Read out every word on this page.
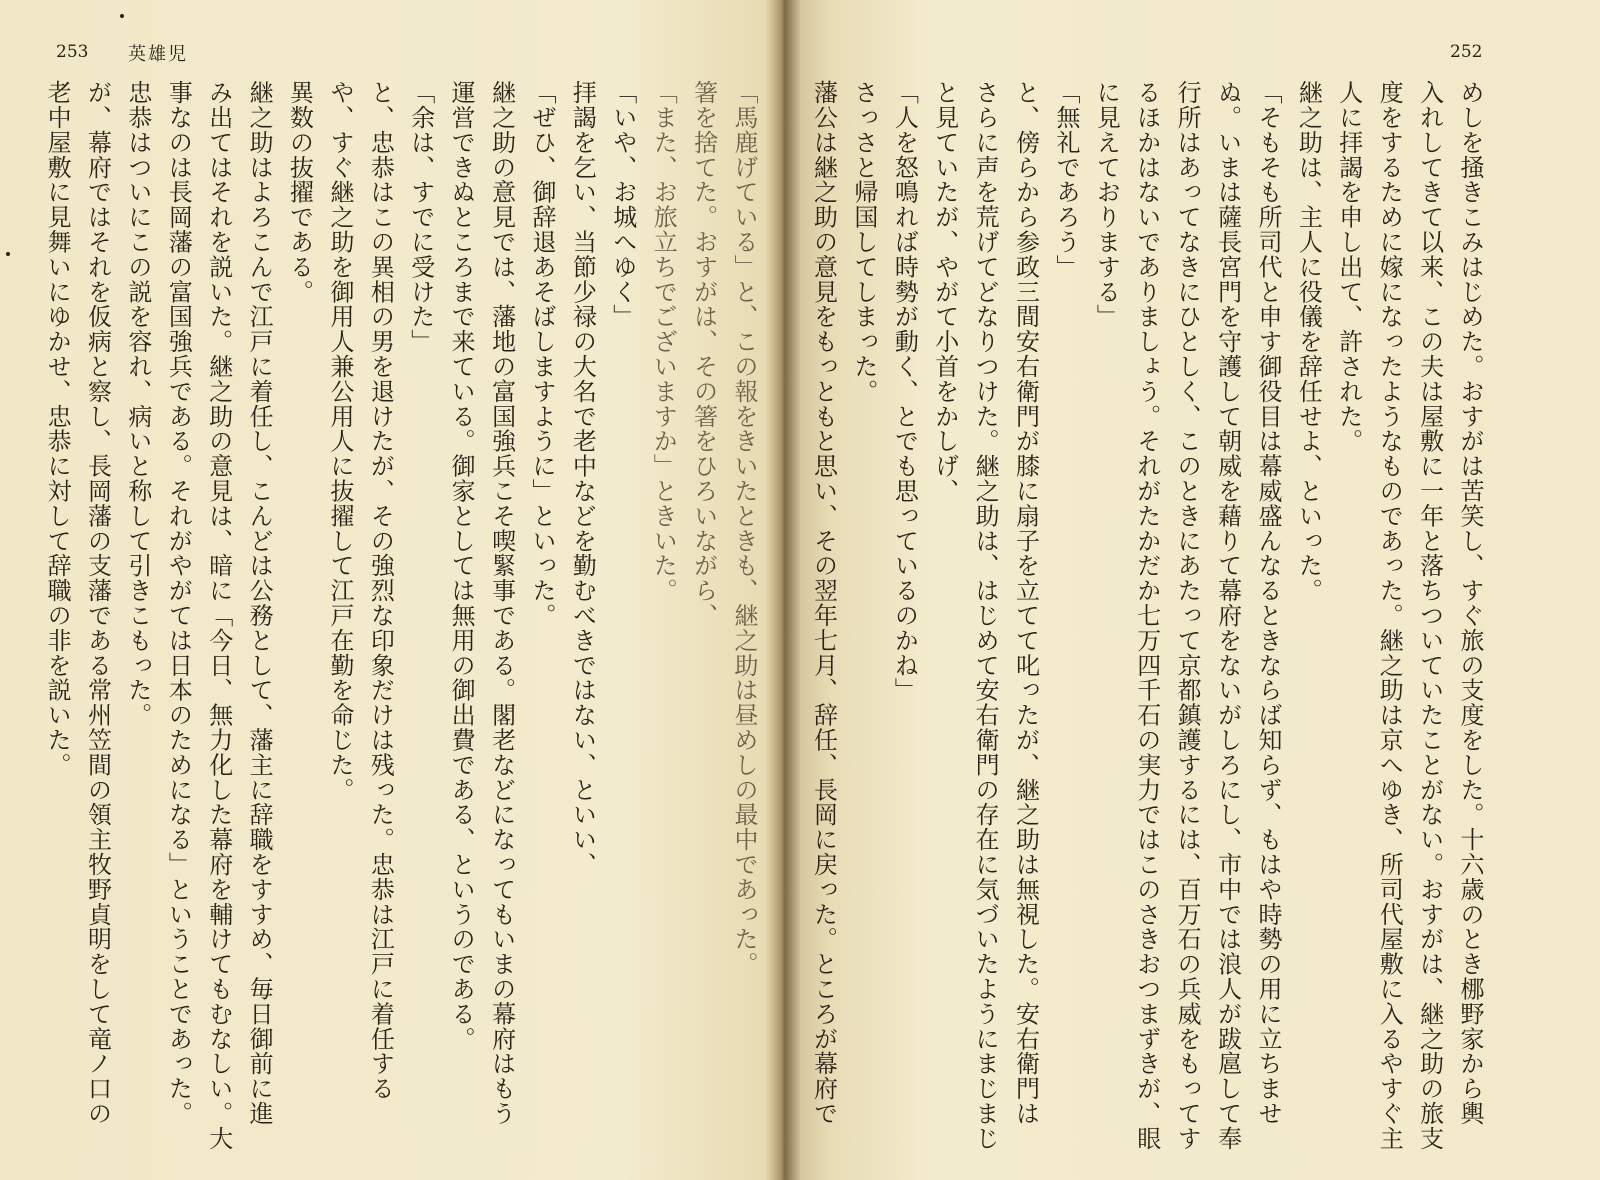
253 英雄児

「馬鹿げている」と、この報をきいたときも、継之助は昼めしの最中であった。

箸を捨てた。おすがは、その箸をひろいながら、

「また、お旅立ちでございますか」ときいた。

「いや、お城へゆく」

拝謁を乞い、当節少禄の大名で老中などを勤むべきではない、といい、

「ぜひ、御辞退あそばしますように」といった。

継之助の意見では、藩地の富国強兵こそ喫緊事である。閣老などになってもいまの幕府はもう

運営できぬところまで来ている。御家としては無用の御出費である、というのである。

「余は、すでに受けた」

と、忠恭はこの異相の男を退けたが、その強烈な印象だけは残った。忠恭は江戸に着任する

や、すぐ継之助を御用人兼公用人に抜擢して江戸在勤を命じた。

異数の抜擢である。

継之助はよろこんで江戸に着任し、こんどは公務として、藩主に辞職をすすめ、毎日御前に進

み出てはそれを説いた。継之助の意見は、暗に「今日、無力化した幕府を輔けてもむなしい。大

事なのは長岡藩の富国強兵である。それがやがては日本のためになる」ということであった。

忠恭はついにこの説を容れ、病いと称して引きこもった。

が、幕府ではそれを仮病と察し、長岡藩の支藩である常州笠間の領主牧野貞明をして竜ノ口の

老中屋敷に見舞いにゆかせ、忠恭に対して辞職の非を説いた。

252

めしを掻きこみはじめた。おすがは苦笑し、すぐ旅の支度をした。十六歳のとき梛野家から輿

入れしてきて以来、この夫は屋敷に一年と落ちついていたことがない。おすがは、継之助の旅支

度をするために嫁になったようなものであった。継之助は京へゆき、所司代屋敷に入るやすぐ主

人に拝謁を申し出て、許された。

継之助は、主人に役儀を辞任せよ、といった。

「そもそも所司代と申す御役目は幕威盛んなるときならば知らず、もはや時勢の用に立ちませ

ぬ。いまは薩長宮門を守護して朝威を藉りて幕府をないがしろにし、市中では浪人が跋扈して奉

行所はあってなきにひとしく、このときにあたって京都鎮護するには、百万石の兵威をもってす

るほかはないでありましょう。それがたかだか七万四千石の実力ではこのさきおつまずきが、眼

に見えておりまする」

「無礼であろう」

と、傍らから参政三間安右衛門が膝に扇子を立てて叱ったが、継之助は無視した。安右衛門は

さらに声を荒げてどなりつけた。継之助は、はじめて安右衛門の存在に気づいたようにまじまじ

と見ていたが、やがて小首をかしげ、

「人を怒鳴れば時勢が動く、とでも思っているのかね」

さっさと帰国してしまった。

藩公は継之助の意見をもっともと思い、その翌年七月、辞任、長岡に戻った。ところが幕府で
